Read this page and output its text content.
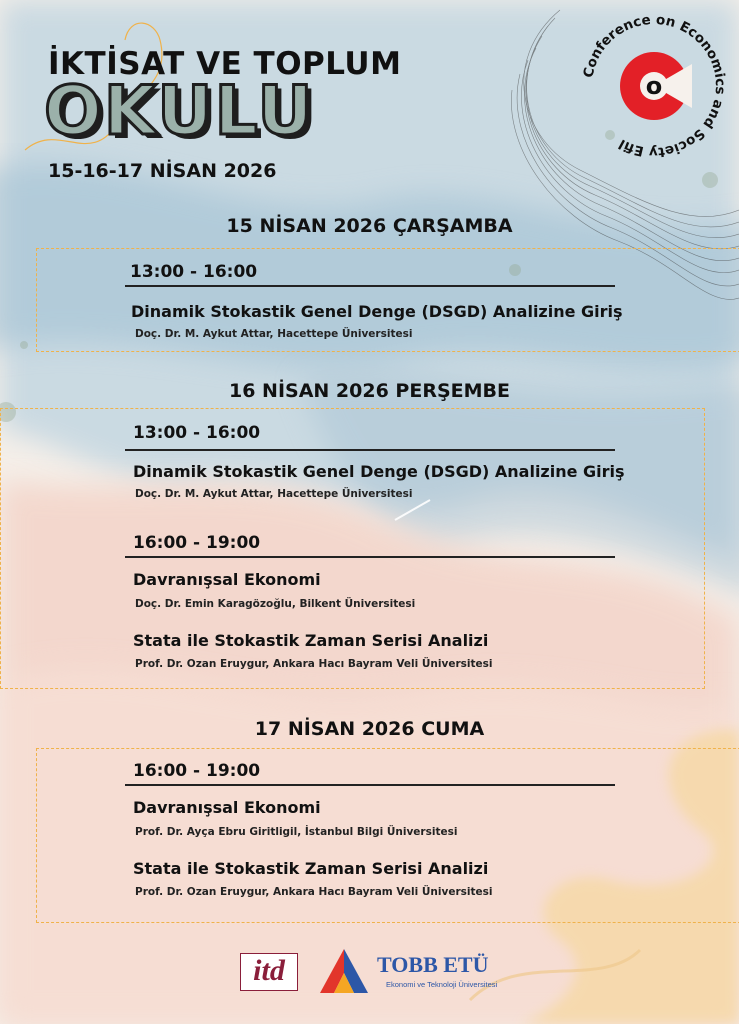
İKTİSAT VE TOPLUM
OKULU
15-16-17 NİSAN 2026
Conference on Economics and Society Efil
o
15 NİSAN 2026 ÇARŞAMBA
13:00 - 16:00
Dinamik Stokastik Genel Denge (DSGD) Analizine Giriş
Doç. Dr. M. Aykut Attar, Hacettepe Üniversitesi
16 NİSAN 2026 PERŞEMBE
13:00 - 16:00
Dinamik Stokastik Genel Denge (DSGD) Analizine Giriş
Doç. Dr. M. Aykut Attar, Hacettepe Üniversitesi
16:00 - 19:00
Davranışsal Ekonomi
Doç. Dr. Emin Karagözoğlu, Bilkent Üniversitesi
Stata ile Stokastik Zaman Serisi Analizi
Prof. Dr. Ozan Eruygur, Ankara Hacı Bayram Veli Üniversitesi
17 NİSAN 2026 CUMA
16:00 - 19:00
Davranışsal Ekonomi
Prof. Dr. Ayça Ebru Giritligil, İstanbul Bilgi Üniversitesi
Stata ile Stokastik Zaman Serisi Analizi
Prof. Dr. Ozan Eruygur, Ankara Hacı Bayram Veli Üniversitesi
itd	TOBB ETÜ
Ekonomi ve Teknoloji Üniversitesi
